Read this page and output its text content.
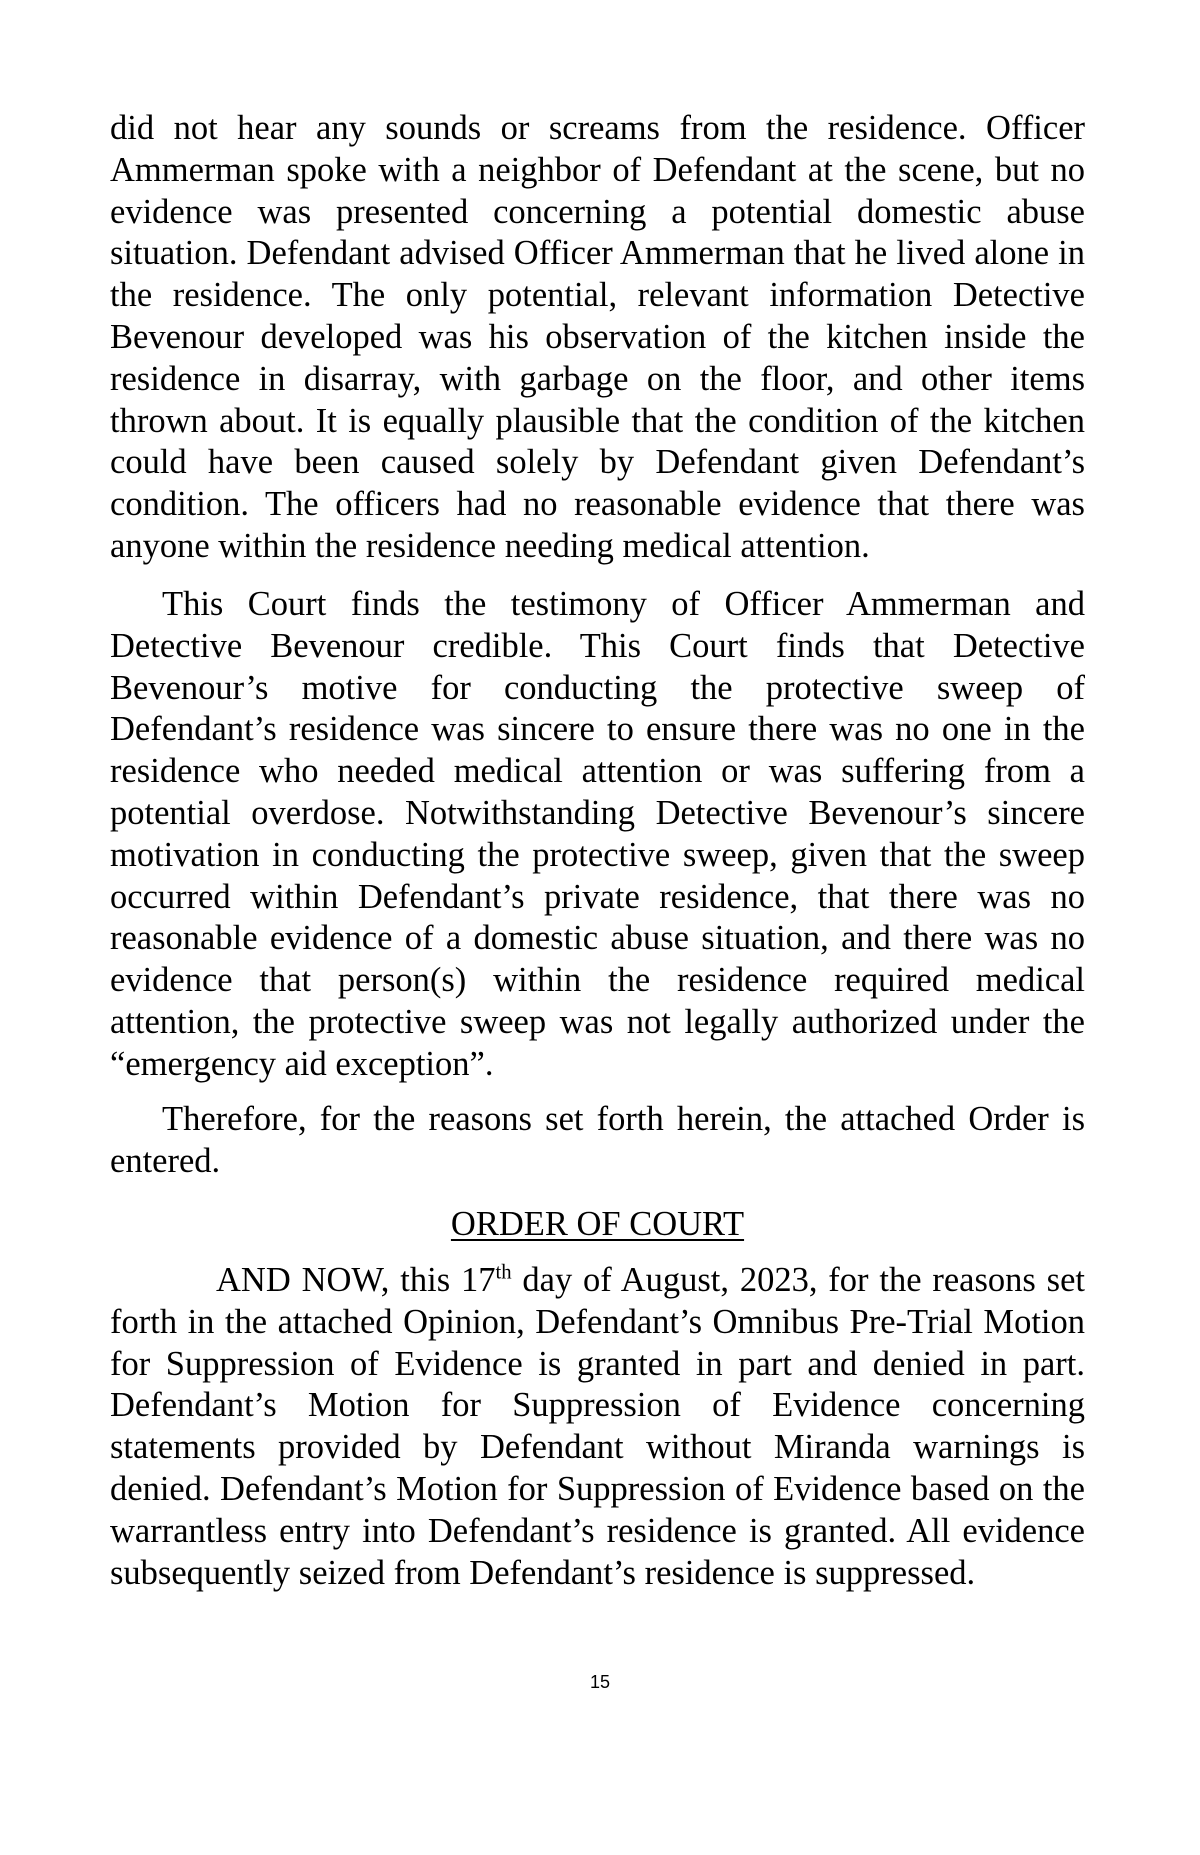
did not hear any sounds or screams from the residence. Officer Ammerman spoke with a neighbor of Defendant at the scene, but no evidence was presented concerning a potential domestic abuse situation. Defendant advised Officer Ammerman that he lived alone in the residence. The only potential, relevant information Detective Bevenour developed was his observation of the kitchen inside the residence in disarray, with garbage on the floor, and other items thrown about. It is equally plausible that the condition of the kitchen could have been caused solely by Defendant given Defendant’s condition. The officers had no reasonable evidence that there was anyone within the residence needing medical attention.

This Court finds the testimony of Officer Ammerman and Detective Bevenour credible. This Court finds that Detective Bevenour’s motive for conducting the protective sweep of Defendant’s residence was sincere to ensure there was no one in the residence who needed medical attention or was suffering from a potential overdose. Notwithstanding Detective Bevenour’s sincere motivation in conducting the protective sweep, given that the sweep occurred within Defendant’s private residence, that there was no reasonable evidence of a domestic abuse situation, and there was no evidence that person(s) within the residence required medical attention, the protective sweep was not legally authorized under the “emergency aid exception”.

Therefore, for the reasons set forth herein, the attached Order is entered.

ORDER OF COURT

AND NOW, this 17th day of August, 2023, for the reasons set forth in the attached Opinion, Defendant’s Omnibus Pre-Trial Motion for Suppression of Evidence is granted in part and denied in part. Defendant’s Motion for Suppression of Evidence concerning statements provided by Defendant without Miranda warnings is denied. Defendant’s Motion for Suppression of Evidence based on the warrantless entry into Defendant’s residence is granted. All evidence subsequently seized from Defendant’s residence is suppressed.

15
